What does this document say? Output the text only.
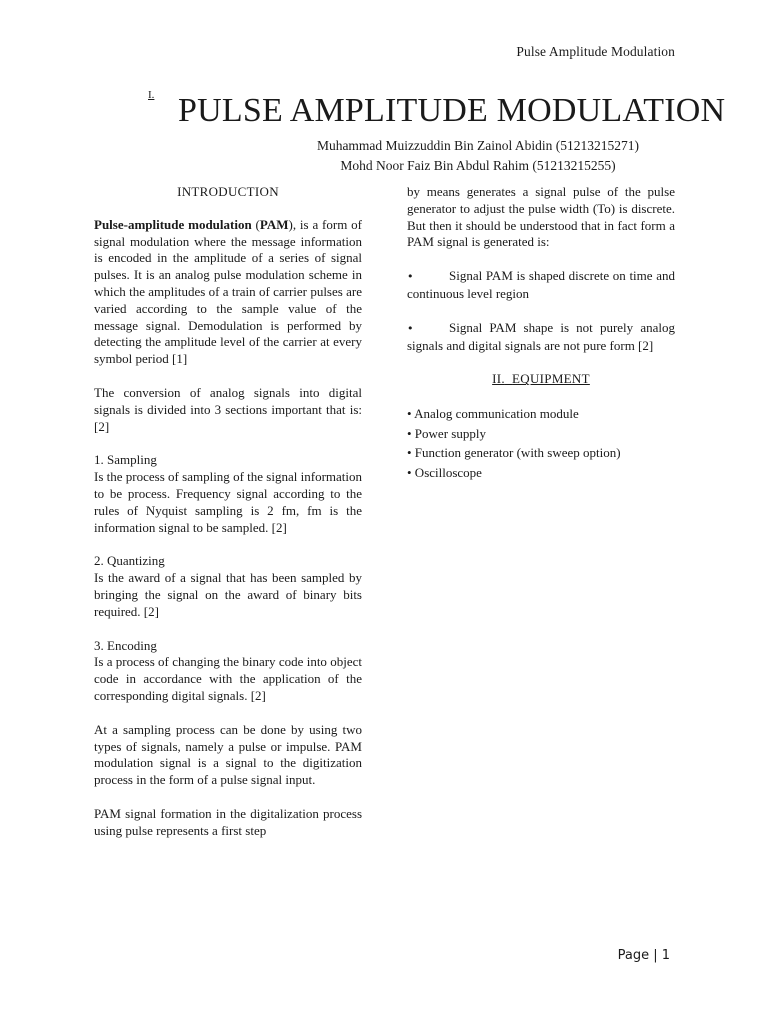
Pulse Amplitude Modulation
I. PULSE AMPLITUDE MODULATION
Muhammad Muizzuddin Bin Zainol Abidin (51213215271)
Mohd Noor Faiz Bin Abdul Rahim (51213215255)
INTRODUCTION

Pulse-amplitude modulation (PAM), is a form of signal modulation where the message information is encoded in the amplitude of a series of signal pulses. It is an analog pulse modulation scheme in which the amplitudes of a train of carrier pulses are varied according to the sample value of the message signal. Demodulation is performed by detecting the amplitude level of the carrier at every symbol period [1]

The conversion of analog signals into digital signals is divided into 3 sections important that is: [2]

1. Sampling

Is the process of sampling of the signal information to be process. Frequency signal according to the rules of Nyquist sampling is 2 fm, fm is the information signal to be sampled. [2]

2. Quantizing

Is the award of a signal that has been sampled by bringing the signal on the award of binary bits required. [2]

3. Encoding

Is a process of changing the binary code into object code in accordance with the application of the corresponding digital signals. [2]

At a sampling process can be done by using two types of signals, namely a pulse or impulse. PAM modulation signal is a signal to the digitization process in the form of a pulse signal input.

PAM signal formation in the digitalization process using pulse represents a first step

by means generates a signal pulse of the pulse generator to adjust the pulse width (To) is discrete. But then it should be understood that in fact form a PAM signal is generated is:

•	Signal PAM is shaped discrete on time and continuous level region

•	Signal PAM shape is not purely analog signals and digital signals are not pure form [2]

II. EQUIPMENT
• Analog communication module
• Power supply
• Function generator (with sweep option)
• Oscilloscope
Page | 1
